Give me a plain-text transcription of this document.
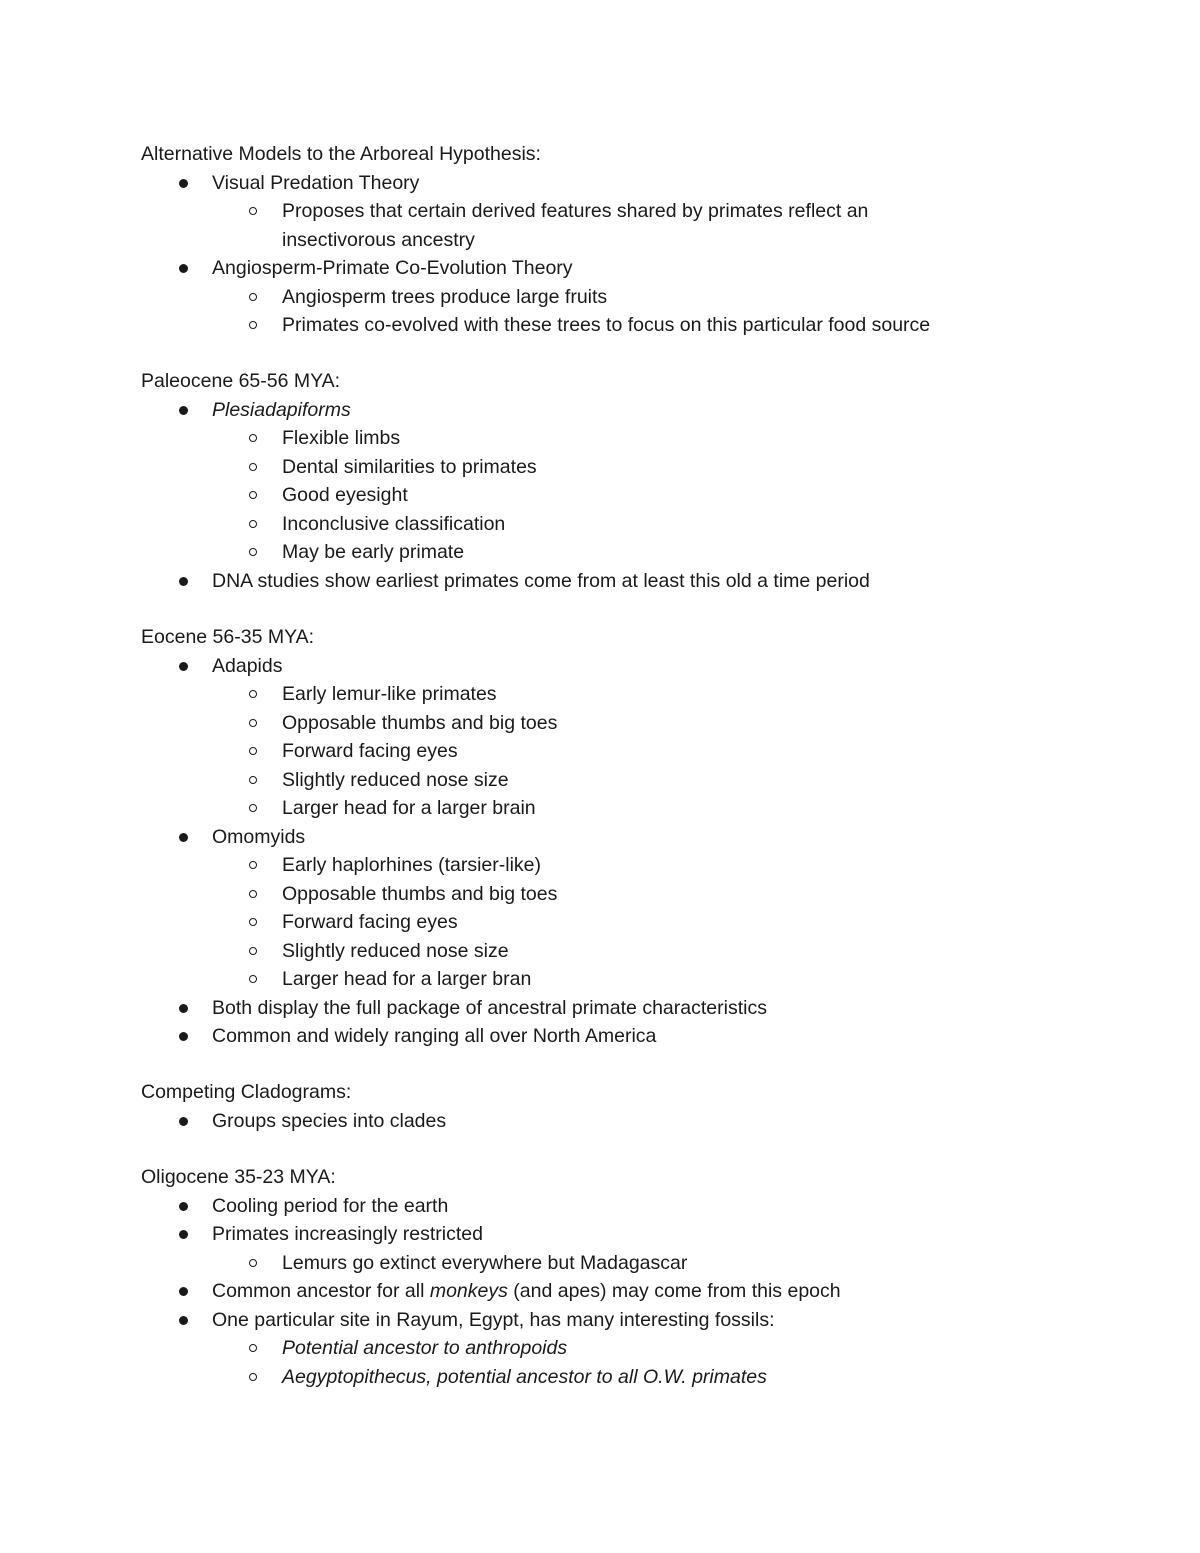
Alternative Models to the Arboreal Hypothesis:

Visual Predation Theory
Proposes that certain derived features shared by primates reflect an insectivorous ancestry
Angiosperm-Primate Co-Evolution Theory
Angiosperm trees produce large fruits
Primates co-evolved with these trees to focus on this particular food source

Paleocene 65-56 MYA:

Plesiadapiforms
Flexible limbs
Dental similarities to primates
Good eyesight
Inconclusive classification
May be early primate
DNA studies show earliest primates come from at least this old a time period

Eocene 56-35 MYA:

Adapids
Early lemur-like primates
Opposable thumbs and big toes
Forward facing eyes
Slightly reduced nose size
Larger head for a larger brain
Omomyids
Early haplorhines (tarsier-like)
Opposable thumbs and big toes
Forward facing eyes
Slightly reduced nose size
Larger head for a larger bran
Both display the full package of ancestral primate characteristics
Common and widely ranging all over North America

Competing Cladograms:

Groups species into clades

Oligocene 35-23 MYA:

Cooling period for the earth
Primates increasingly restricted
Lemurs go extinct everywhere but Madagascar
Common ancestor for all monkeys (and apes) may come from this epoch
One particular site in Rayum, Egypt, has many interesting fossils:
Potential ancestor to anthropoids
Aegyptopithecus, potential ancestor to all O.W. primates
